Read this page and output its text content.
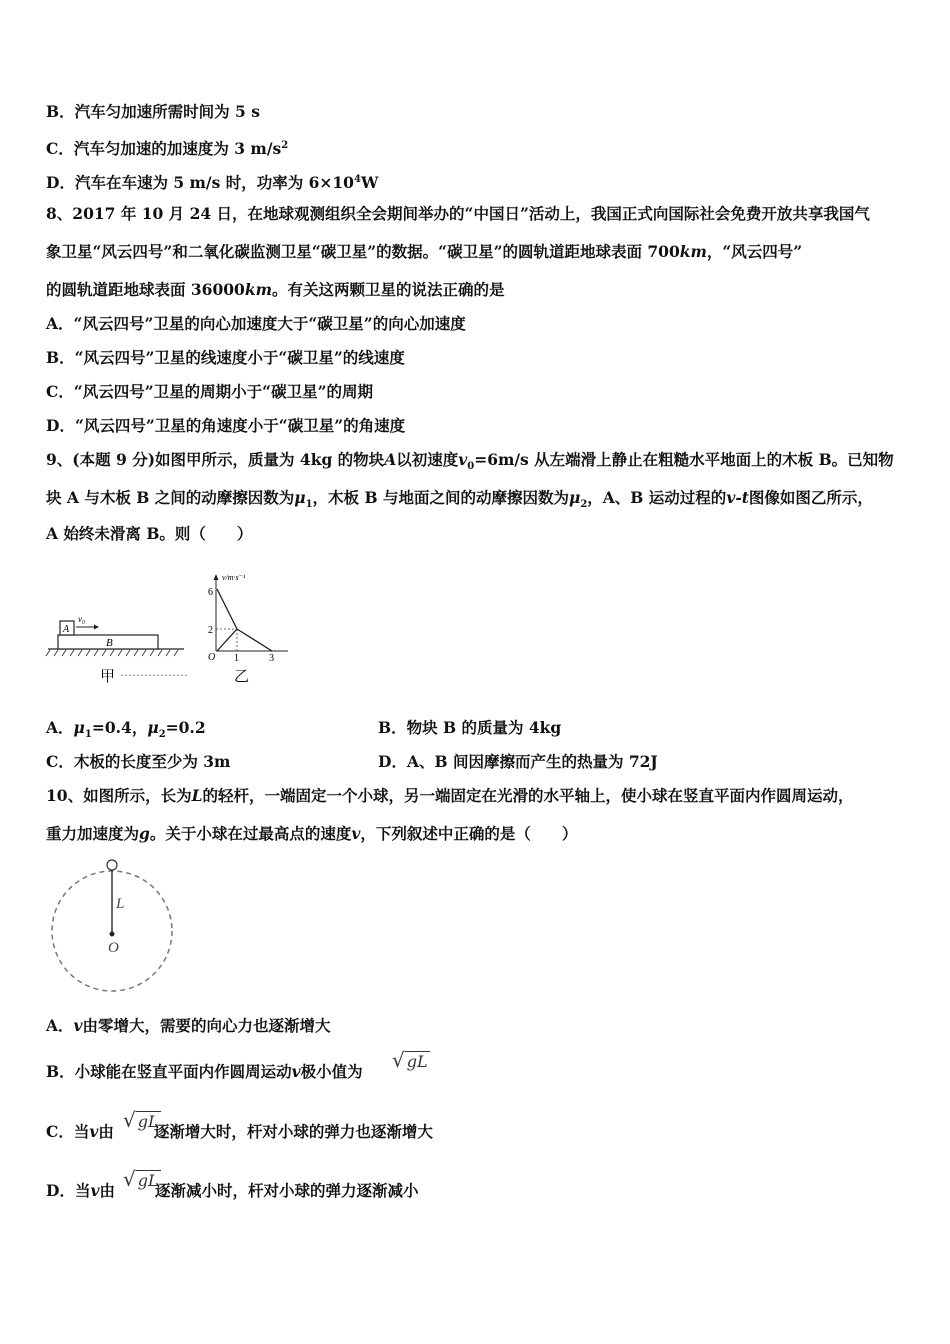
B．汽车匀加速所需时间为 5 s
C．汽车匀加速的加速度为 3 $m/s^2$
D．汽车在车速为 5 m/s 时，功率为 $6\times 10^4W$
8、2017 年 10 月 24 日，在地球观测组织全会期间举办的“中国日”活动上，我国正式向国际社会免费开放共享我国气
象卫星“风云四号”和二氧化碳监测卫星“碳卫星”的数据。“碳卫星”的圆轨道距地球表面 700km，“风云四号”
的圆轨道距地球表面 36000km。有关这两颗卫星的说法正确的是
A．“风云四号”卫星的向心加速度大于“碳卫星”的向心加速度
B．“风云四号”卫星的线速度小于“碳卫星”的线速度
C．“风云四号”卫星的周期小于“碳卫星”的周期
D．“风云四号”卫星的角速度小于“碳卫星”的角速度
9、(本题 9 分)如图甲所示，质量为 4kg 的物块A以初速度$v_0=6m/s$ 从左端滑上静止在粗糙水平地面上的木板 B。已知物
块 A 与木板 B 之间的动摩擦因数为$\mu_1$，木板 B 与地面之间的动摩擦因数为$\mu_2$，A、B 运动过程的v-t图像如图乙所示，
A 始终未滑离 B。则（　　）
B
A
v₀
v/m·s⁻¹
6
2
O 1	3
甲 ·················	乙
A．$\mu_1=0.4$，$\mu_2=0.2$	B．物块 B 的质量为 4kg
C．木板的长度至少为 3m	D．A、B 间因摩擦而产生的热量为 72J
10、如图所示，长为L的轻杆，一端固定一个小球，另一端固定在光滑的水平轴上，使小球在竖直平面内作圆周运动，
重力加速度为g。关于小球在过最高点的速度v，下列叙述中正确的是（　　）
L
O
A．v由零增大，需要的向心力也逐渐增大
B．小球能在竖直平面内作圆周运动v极小值为 √ gL
C．当v由	逐渐增大时，杆对小球的弹力也逐渐增大
√ gL
D．当v由	逐渐减小时，杆对小球的弹力逐渐减小
√ gL
